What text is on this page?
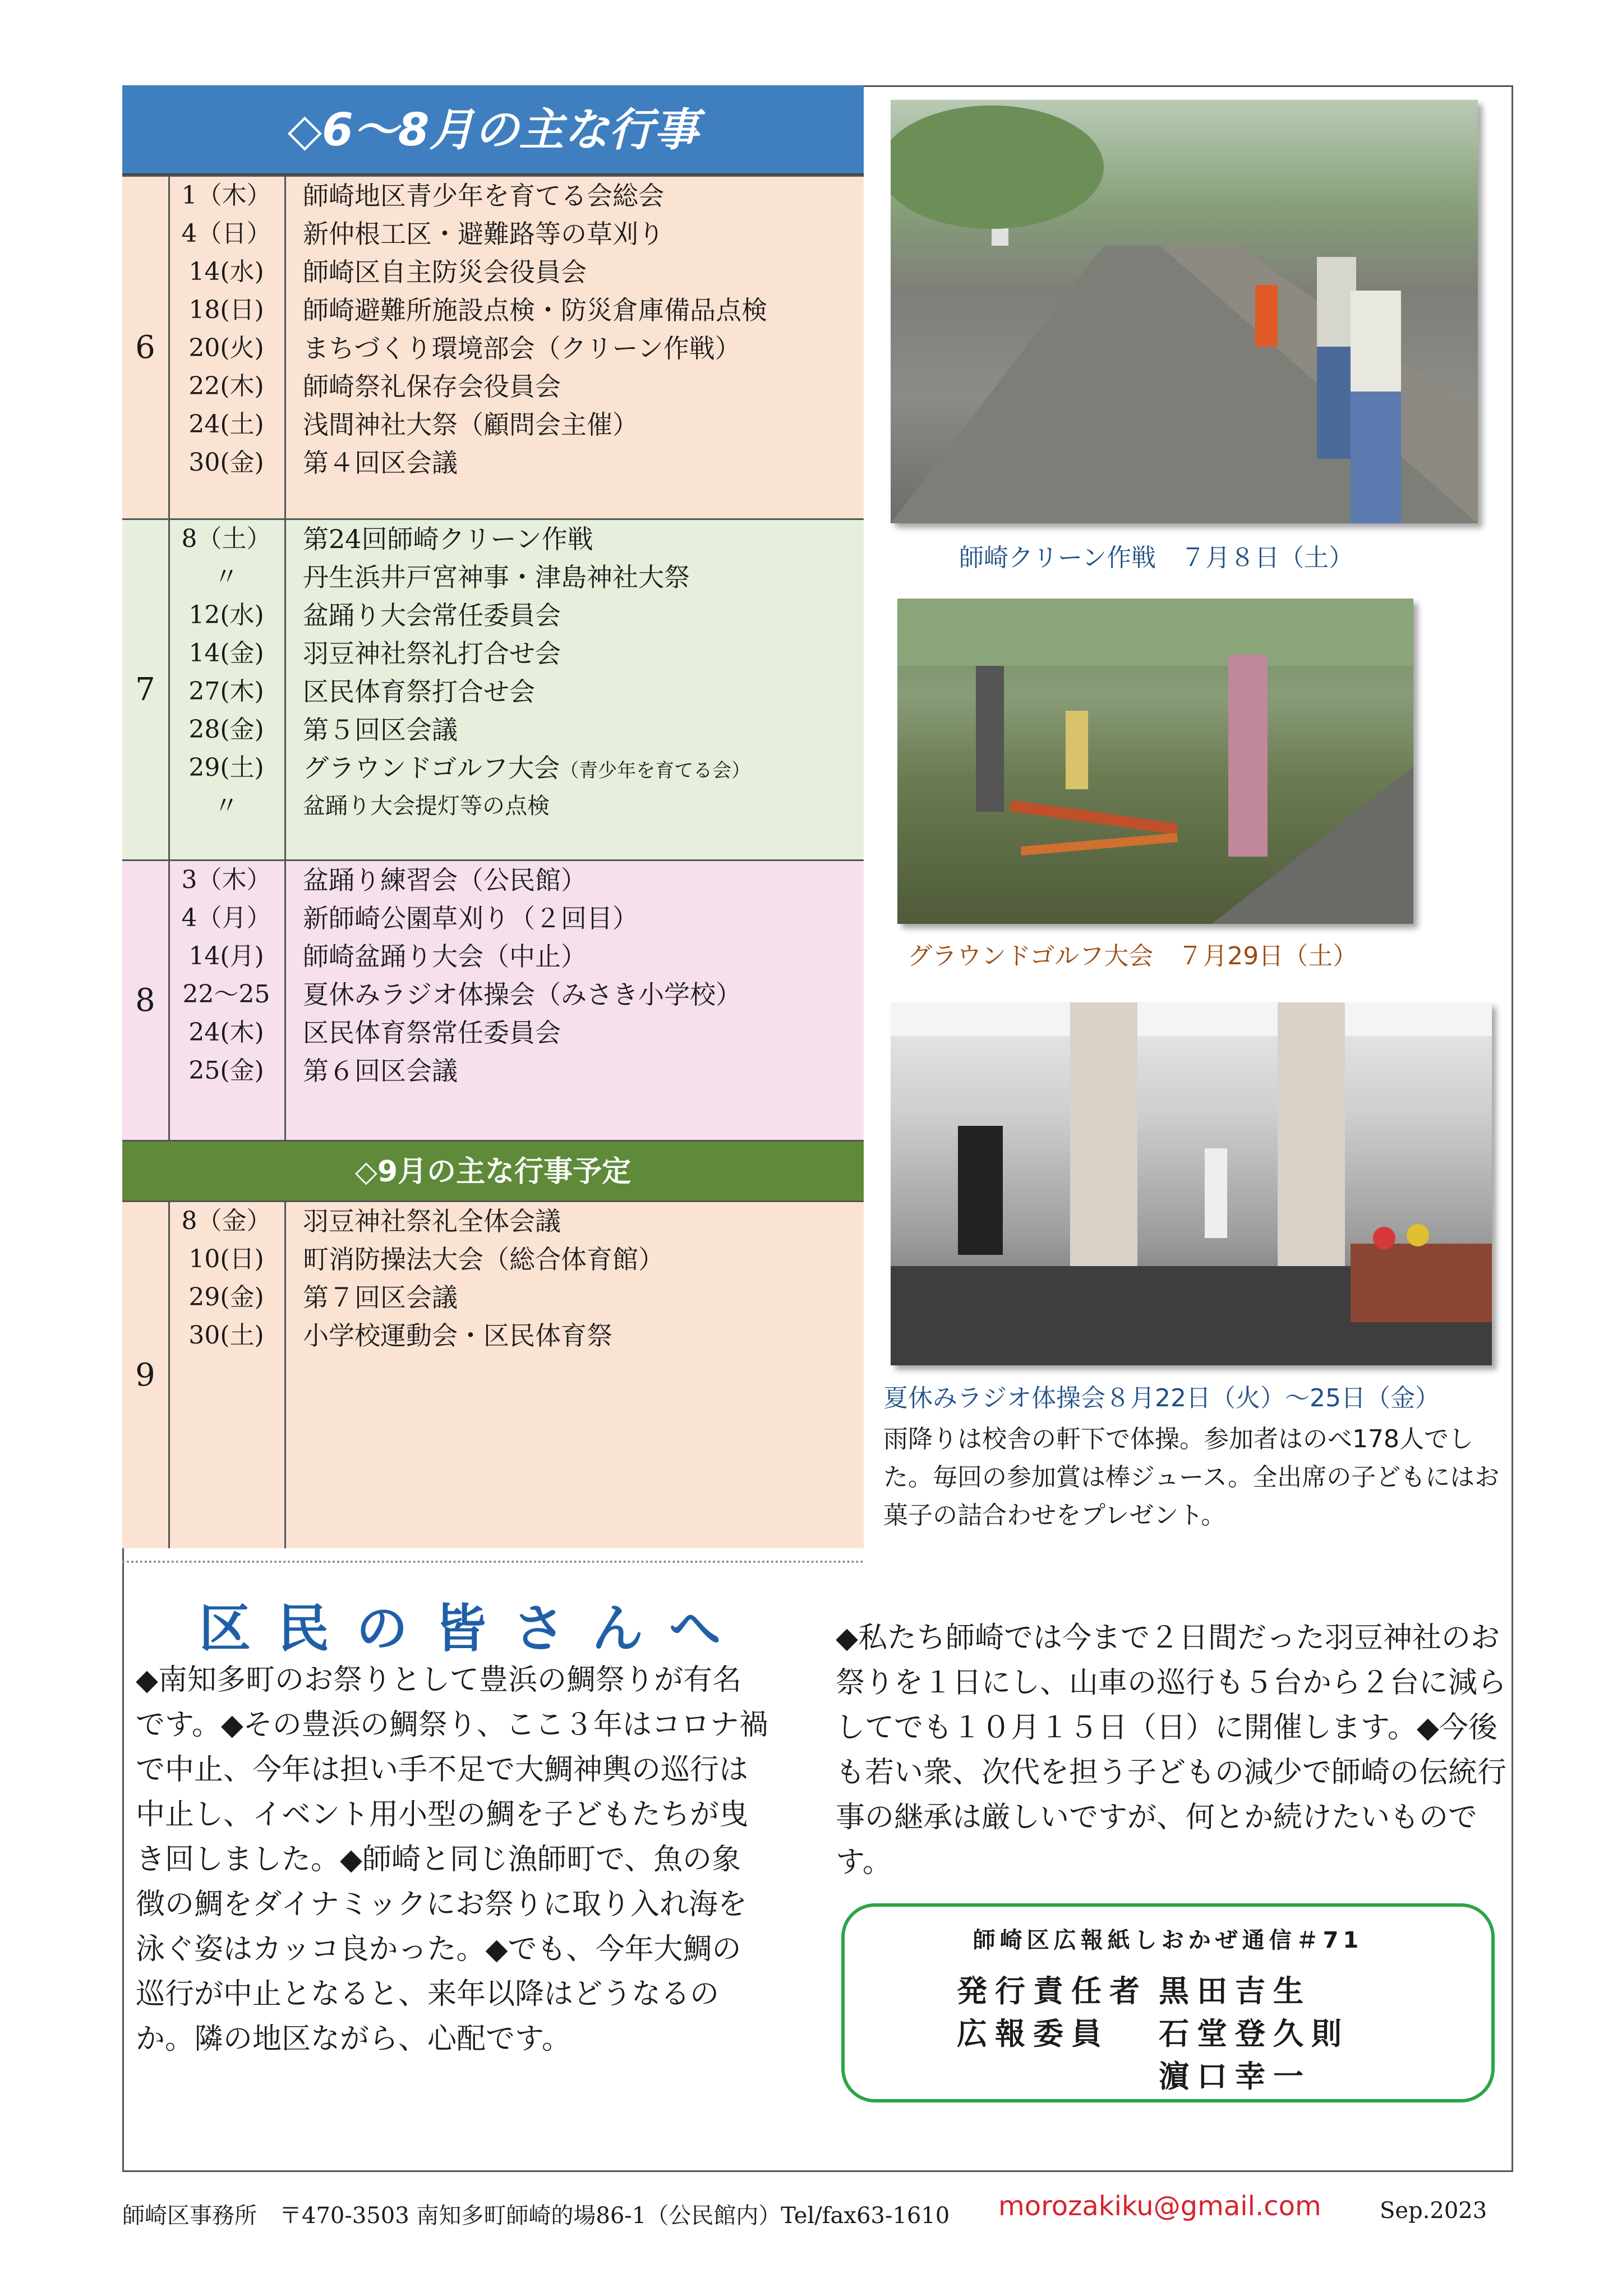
◇6～8月の主な行事
6
1（木）
4（日）
14(水)
18(日)
20(火)
22(木)
24(土)
30(金)
師崎地区青少年を育てる会総会
新仲根工区・避難路等の草刈り
師崎区自主防災会役員会
師崎避難所施設点検・防災倉庫備品点検
まちづくり環境部会（クリーン作戦）
師崎祭礼保存会役員会
浅間神社大祭（顧問会主催）
第４回区会議
7
8（土）
〃
12(水)
14(金)
27(木)
28(金)
29(土)
〃
第24回師崎クリーン作戦
丹生浜井戸宮神事・津島神社大祭
盆踊り大会常任委員会
羽豆神社祭礼打合せ会
区民体育祭打合せ会
第５回区会議
グラウンドゴルフ大会（青少年を育てる会）
盆踊り大会提灯等の点検
8
3（木）
4（月）
14(月)
22～25
24(木)
25(金)
盆踊り練習会（公民館）
新師崎公園草刈り（２回目）
師崎盆踊り大会（中止）
夏休みラジオ体操会（みさき小学校）
区民体育祭常任委員会
第６回区会議
◇9月の主な行事予定
9
8（金）
10(日)
29(金)
30(土)
羽豆神社祭礼全体会議
町消防操法大会（総合体育館）
第７回区会議
小学校運動会・区民体育祭
師崎クリーン作戦　７月８日（土）
グラウンドゴルフ大会　７月29日（土）
夏休みラジオ体操会８月22日（火）～25日（金）
雨降りは校舎の軒下で体操。参加者はのべ178人でした。毎回の参加賞は棒ジュース。全出席の子どもにはお菓子の詰合わせをプレゼント。
区民の皆さんへ
◆南知多町のお祭りとして豊浜の鯛祭りが有名です。◆その豊浜の鯛祭り、ここ３年はコロナ禍で中止、今年は担い手不足で大鯛神輿の巡行は中止し、イベント用小型の鯛を子どもたちが曳き回しました。◆師崎と同じ漁師町で、魚の象徴の鯛をダイナミックにお祭りに取り入れ海を泳ぐ姿はカッコ良かった。◆でも、今年大鯛の巡行が中止となると、来年以降はどうなるのか。隣の地区ながら、心配です。
◆私たち師崎では今まで２日間だった羽豆神社のお祭りを１日にし、山車の巡行も５台から２台に減らしてでも１０月１５日（日）に開催します。◆今後も若い衆、次代を担う子どもの減少で師崎の伝統行事の継承は厳しいですが、何とか続けたいものです。
師崎区広報紙しおかぜ通信＃71
発行責任者 黒田吉生
広報委員 石堂登久則
濵口幸一
師崎区事務所　〒470-3503 南知多町師崎的場86-1（公民館内）Tel/fax63-1610 morozakiku@gmail.com	Sep.2023
